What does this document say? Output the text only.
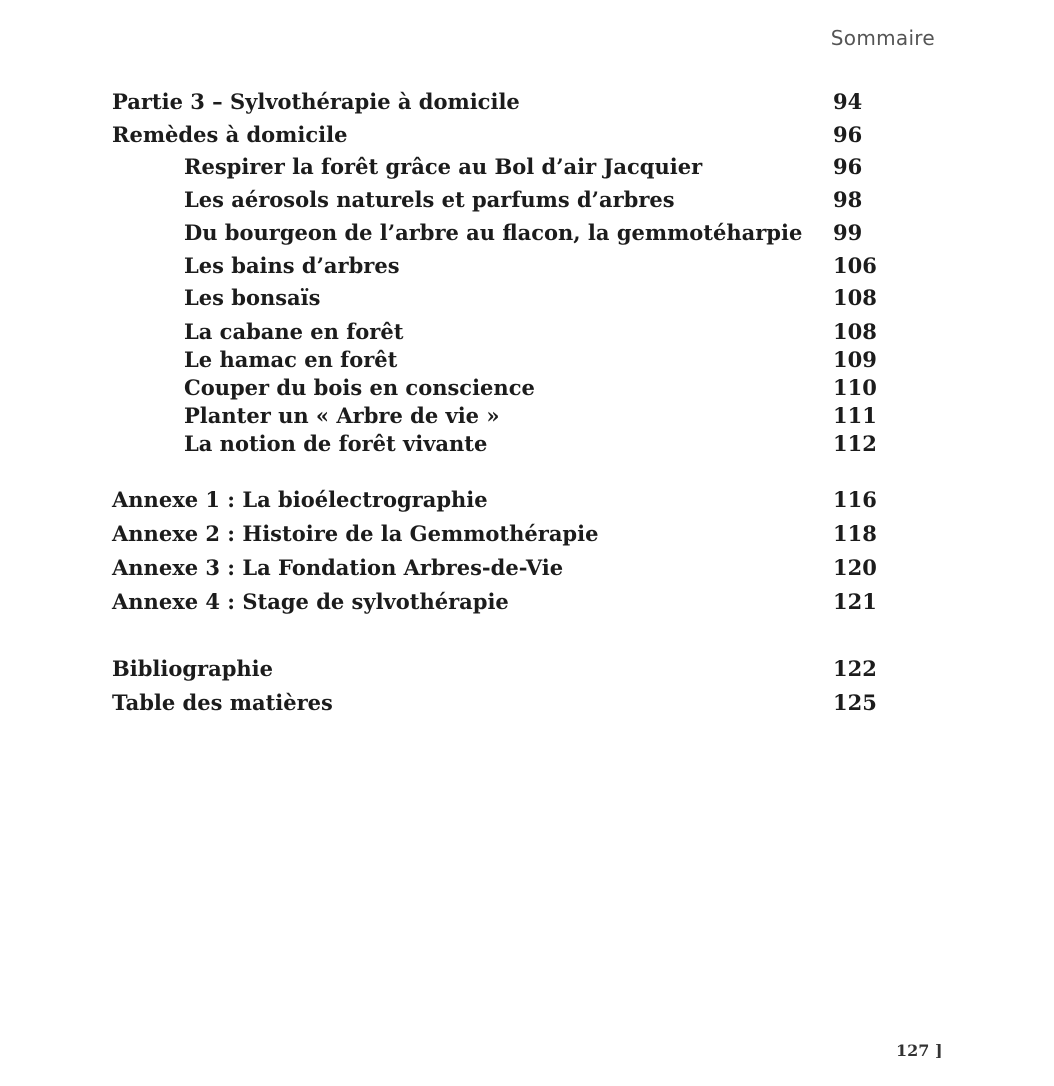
Sommaire
Partie 3 – Sylvothérapie à domicile	94
Remèdes à domicile	96
Respirer la forêt grâce au Bol d’air Jacquier	96
Les aérosols naturels et parfums d’arbres	98
Du bourgeon de l’arbre au flacon, la gemmotéharpie 99
Les bains d’arbres	106
Les bonsaïs	108
La cabane en forêt	108
Le hamac en forêt	109
Couper du bois en conscience	110
Planter un « Arbre de vie »	111
La notion de forêt vivante	112
Annexe 1 : La bioélectrographie	116
Annexe 2 : Histoire de la Gemmothérapie	118
Annexe 3 : La Fondation Arbres-de-Vie	120
Annexe 4 : Stage de sylvothérapie	121
Bibliographie	122
Table des matières	125
127 ]
